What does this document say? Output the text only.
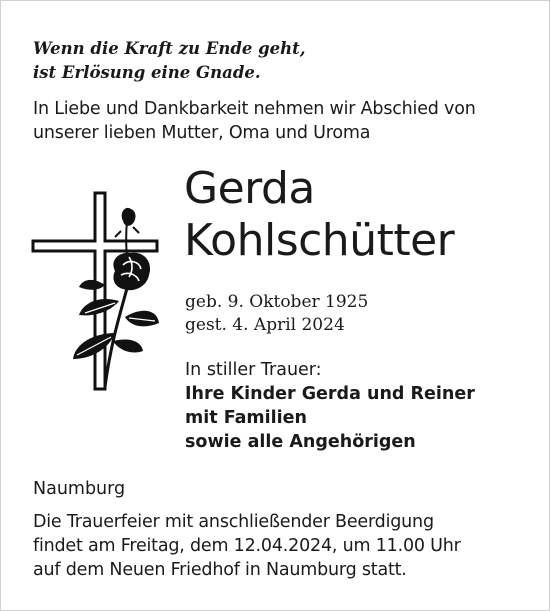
Wenn die Kraft zu Ende geht,
ist Erlösung eine Gnade.
In Liebe und Dankbarkeit nehmen wir Abschied von
unserer lieben Mutter, Oma und Uroma
Gerda
Kohlschütter
geb. 9. Oktober 1925
gest. 4. April 2024
In stiller Trauer:
Ihre Kinder Gerda und Reiner
mit Familien
sowie alle Angehörigen
Naumburg
Die Trauerfeier mit anschließender Beerdigung
findet am Freitag, dem 12.04.2024, um 11.00 Uhr
auf dem Neuen Friedhof in Naumburg statt.
